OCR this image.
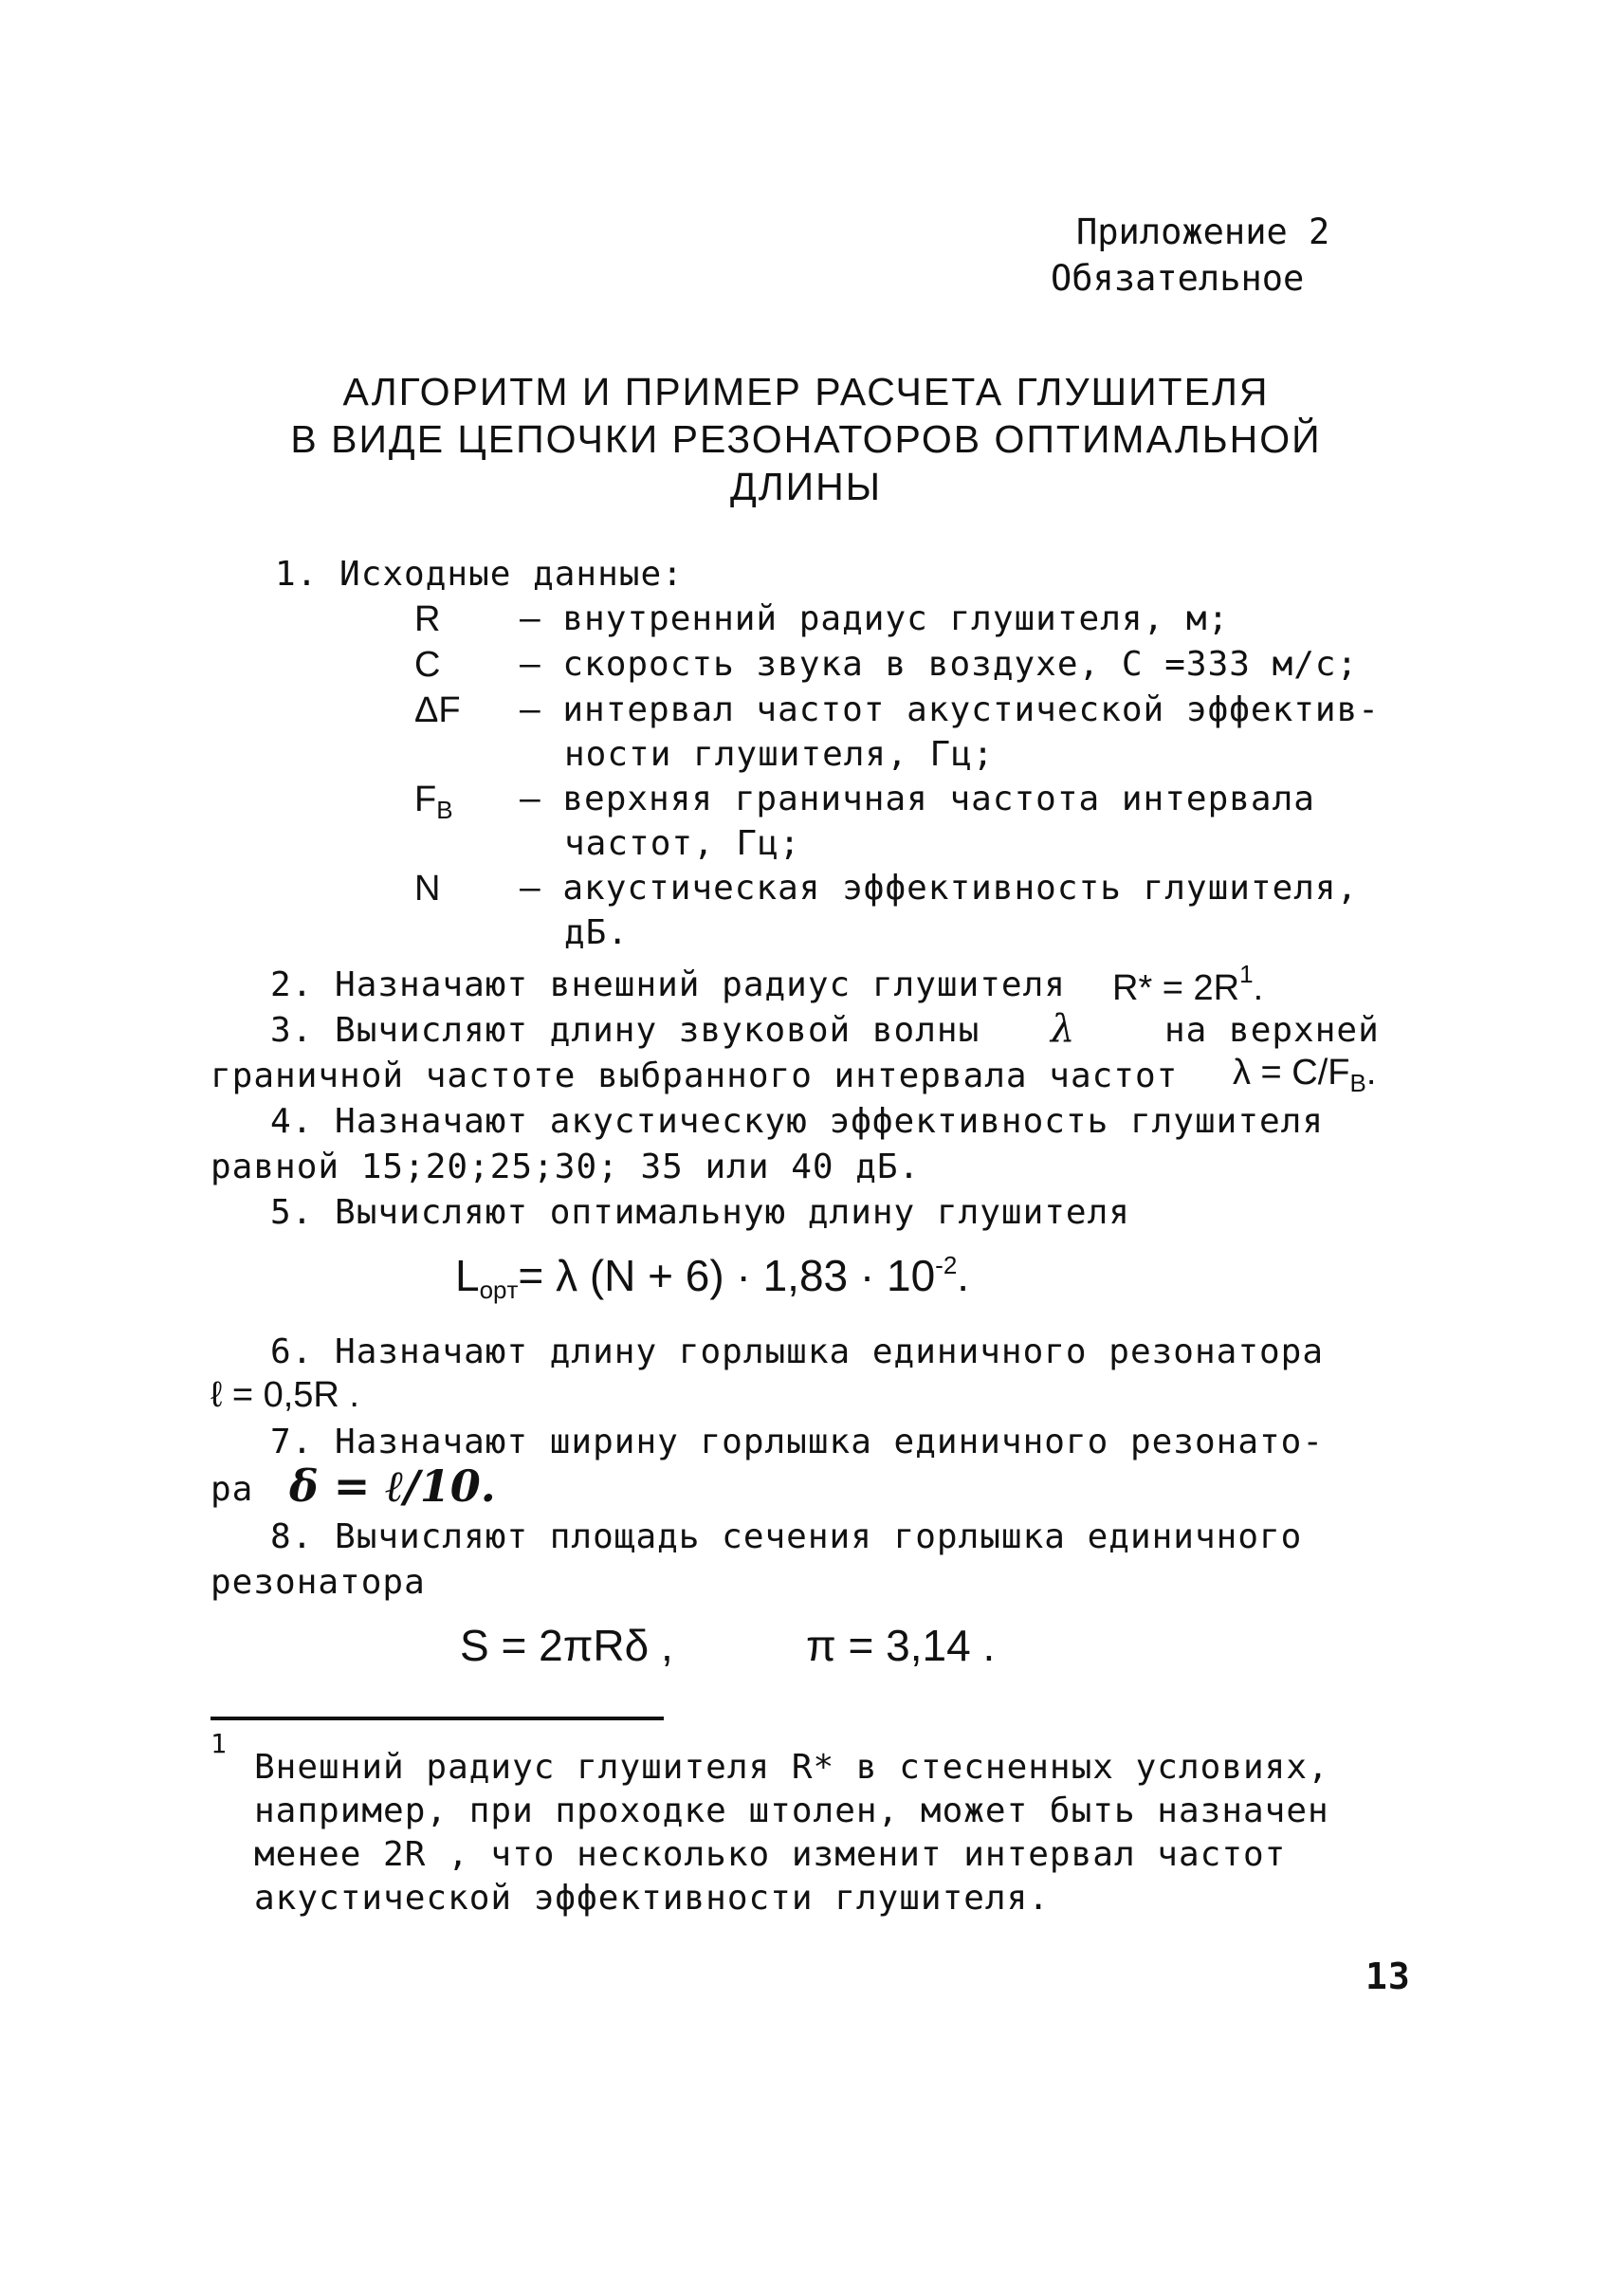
Приложение 2
Обязательное
АЛГОРИТМ И ПРИМЕР РАСЧЕТА ГЛУШИТЕЛЯ
В ВИДЕ ЦЕПОЧКИ РЕЗОНАТОРОВ ОПТИМАЛЬНОЙ
ДЛИНЫ
1. Исходные данные:
R – внутренний радиус глушителя, м;
C – скорость звука в воздухе, C =333 м/с;
ΔF – интервал частот акустической эффектив-
ности глушителя, Гц;
$F_B$ – верхняя граничная частота интервала
частот, Гц;
N – акустическая эффективность глушителя,
дБ.
2. Назначают внешний радиус глушителя $R* = 2R^1$.
3. Вычисляют длину звуковой волны λ	на верхней
граничной частоте выбранного интервала частот $\lambda = C/F_B$.
4. Назначают акустическую эффективность глушителя
равной 15;20;25;30; 35 или 40 дБ.
5. Вычисляют оптимальную длину глушителя
$L_{opт}= \lambda$ $(N + 6) \cdot 1,83 \cdot 10^{-2}$.
6. Назначают длину горлышка единичного резонатора
ℓ = 0,5R .
7. Назначают ширину горлышка единичного резонато-
ра δ = ℓ/10.
8. Вычисляют площадь сечения горлышка единичного
резонатора
S = 2πRδ ,	π = 3,14 .
1
Внешний радиус глушителя R* в стесненных условиях,
например, при проходке штолен, может быть назначен
менее 2R , что несколько изменит интервал частот
акустической эффективности глушителя.
13
